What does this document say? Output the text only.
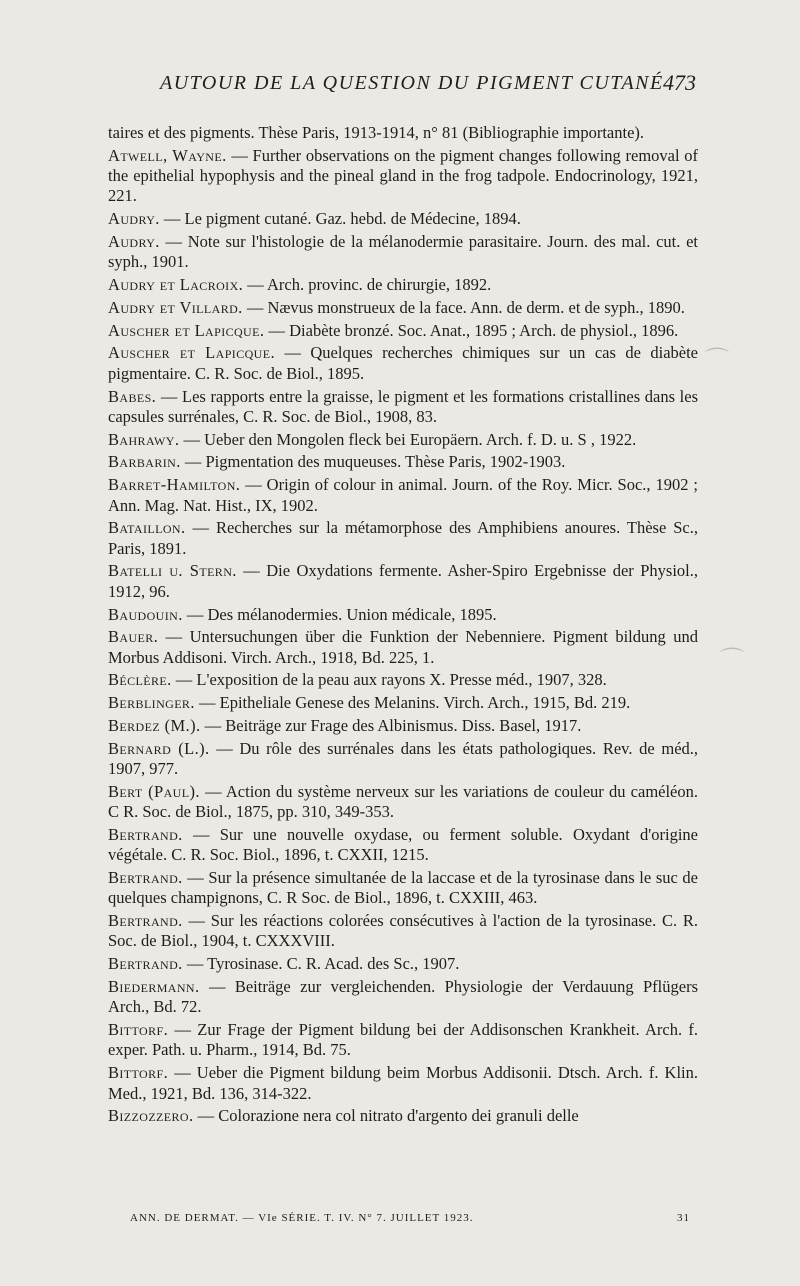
AUTOUR DE LA QUESTION DU PIGMENT CUTANÉ 473
taires et des pigments. Thèse Paris, 1913-1914, n° 81 (Bibliographie importante).
Atwell, Wayne. — Further observations on the pigment changes following removal of the epithelial hypophysis and the pineal gland in the frog tadpole. Endocrinology, 1921, 221.
Audry. — Le pigment cutané. Gaz. hebd. de Médecine, 1894.
Audry. — Note sur l'histologie de la mélanodermie parasitaire. Journ. des mal. cut. et syph., 1901.
Audry et Lacroix. — Arch. provinc. de chirurgie, 1892.
Audry et Villard. — Nævus monstrueux de la face. Ann. de derm. et de syph., 1890.
Auscher et Lapicque. — Diabète bronzé. Soc. Anat., 1895 ; Arch. de physiol., 1896.
Auscher et Lapicque. — Quelques recherches chimiques sur un cas de diabète pigmentaire. C. R. Soc. de Biol., 1895.
Babes. — Les rapports entre la graisse, le pigment et les formations cristallines dans les capsules surrénales, C. R. Soc. de Biol., 1908, 83.
Bahrawy. — Ueber den Mongolen fleck bei Europäern. Arch. f. D. u. S , 1922.
Barbarin. — Pigmentation des muqueuses. Thèse Paris, 1902-1903.
Barret-Hamilton. — Origin of colour in animal. Journ. of the Roy. Micr. Soc., 1902 ; Ann. Mag. Nat. Hist., IX, 1902.
Bataillon. — Recherches sur la métamorphose des Amphibiens anoures. Thèse Sc., Paris, 1891.
Batelli u. Stern. — Die Oxydations fermente. Asher-Spiro Ergebnisse der Physiol., 1912, 96.
Baudouin. — Des mélanodermies. Union médicale, 1895.
Bauer. — Untersuchungen über die Funktion der Nebenniere. Pigment bildung und Morbus Addisoni. Virch. Arch., 1918, Bd. 225, 1.
Béclère. — L'exposition de la peau aux rayons X. Presse méd., 1907, 328.
Berblinger. — Epitheliale Genese des Melanins. Virch. Arch., 1915, Bd. 219.
Berdez (M.). — Beiträge zur Frage des Albinismus. Diss. Basel, 1917.
Bernard (L.). — Du rôle des surrénales dans les états pathologiques. Rev. de méd., 1907, 977.
Bert (Paul). — Action du système nerveux sur les variations de couleur du caméléon. C R. Soc. de Biol., 1875, pp. 310, 349-353.
Bertrand. — Sur une nouvelle oxydase, ou ferment soluble. Oxydant d'origine végétale. C. R. Soc. Biol., 1896, t. CXXII, 1215.
Bertrand. — Sur la présence simultanée de la laccase et de la tyrosinase dans le suc de quelques champignons, C. R Soc. de Biol., 1896, t. CXXIII, 463.
Bertrand. — Sur les réactions colorées consécutives à l'action de la tyrosinase. C. R. Soc. de Biol., 1904, t. CXXXVIII.
Bertrand. — Tyrosinase. C. R. Acad. des Sc., 1907.
Biedermann. — Beiträge zur vergleichenden. Physiologie der Verdauung Pflügers Arch., Bd. 72.
Bittorf. — Zur Frage der Pigment bildung bei der Addisonschen Krankheit. Arch. f. exper. Path. u. Pharm., 1914, Bd. 75.
Bittorf. — Ueber die Pigment bildung beim Morbus Addisonii. Dtsch. Arch. f. Klin. Med., 1921, Bd. 136, 314-322.
Bizzozzero. — Colorazione nera col nitrato d'argento dei granuli delle
⌒
⌒
ANN. DE DERMAT. — VIe SÉRIE. T. IV. N° 7. JUILLET 1923.	31
